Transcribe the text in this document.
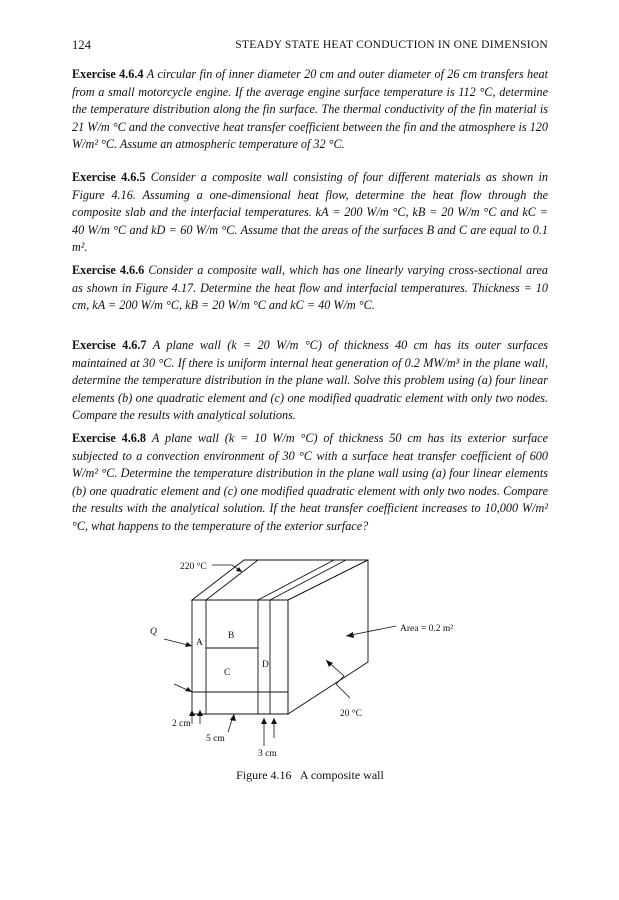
124	STEADY STATE HEAT CONDUCTION IN ONE DIMENSION

Exercise 4.6.4 A circular fin of inner diameter 20 cm and outer diameter of 26 cm transfers heat from a small motorcycle engine. If the average engine surface temperature is 112 °C, determine the temperature distribution along the fin surface. The thermal conductivity of the fin material is 21 W/m °C and the convective heat transfer coefficient between the fin and the atmosphere is 120 W/m² °C. Assume an atmospheric temperature of 32 °C.

Exercise 4.6.5 Consider a composite wall consisting of four different materials as shown in Figure 4.16. Assuming a one-dimensional heat flow, determine the heat flow through the composite slab and the interfacial temperatures. kA = 200 W/m °C, kB = 20 W/m °C and kC = 40 W/m °C and kD = 60 W/m °C. Assume that the areas of the surfaces B and C are equal to 0.1 m².

Exercise 4.6.6 Consider a composite wall, which has one linearly varying cross-sectional area as shown in Figure 4.17. Determine the heat flow and interfacial temperatures. Thickness = 10 cm, kA = 200 W/m °C, kB = 20 W/m °C and kC = 40 W/m °C.

Exercise 4.6.7 A plane wall (k = 20 W/m °C) of thickness 40 cm has its outer surfaces maintained at 30 °C. If there is uniform internal heat generation of 0.2 MW/m³ in the plane wall, determine the temperature distribution in the plane wall. Solve this problem using (a) four linear elements (b) one quadratic element and (c) one modified quadratic element with only two nodes. Compare the results with analytical solutions.

Exercise 4.6.8 A plane wall (k = 10 W/m °C) of thickness 50 cm has its exterior surface subjected to a convection environment of 30 °C with a surface heat transfer coefficient of 600 W/m² °C. Determine the temperature distribution in the plane wall using (a) four linear elements (b) one quadratic element and (c) one modified quadratic element with only two nodes. Compare the results with the analytical solution. If the heat transfer coefficient increases to 10,000 W/m² °C, what happens to the temperature of the exterior surface?

220 °C
Q
A
B
C
D
Area = 0.2 m²
20 °C
2 cm
5 cm
3 cm
Figure 4.16   A composite wall
